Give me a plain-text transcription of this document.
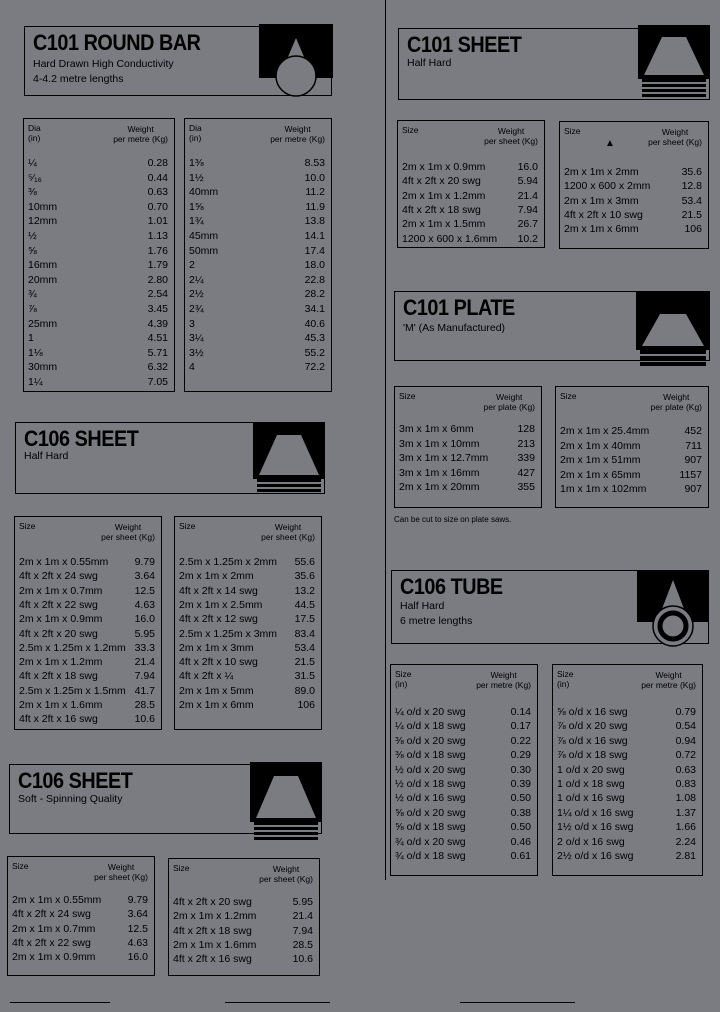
C101 ROUND BAR
Hard Drawn High Conductivity
4-4.2 metre lengths
Dia
(in)
Weight
per metre (Kg)
¼	0.28
⁵⁄₁₆	0.44
⅜	0.63
10mm	0.70
12mm	1.01
½	1.13
⅝	1.76
16mm	1.79
20mm	2.80
¾	2.54
⅞	3.45
25mm	4.39
1	4.51
1⅛	5.71
30mm	6.32
1¼	7.05
Dia
(in)
Weight
per metre (Kg)
1⅜	8.53
1½	10.0
40mm	11.2
1⅝	11.9
1¾	13.8
45mm	14.1
50mm	17.4
2	18.0
2¼	22.8
2½	28.2
2¾	34.1
3	40.6
3¼	45.3
3½	55.2
4	72.2
C106 SHEET
Half Hard
Size	Weight
per sheet (Kg)
2m x 1m x 0.55mm	9.79
4ft x 2ft x 24 swg	3.64
2m x 1m x 0.7mm	12.5
4ft x 2ft x 22 swg	4.63
2m x 1m x 0.9mm	16.0
4ft x 2ft x 20 swg	5.95
2.5m x 1.25m x 1.2mm 33.3
2m x 1m x 1.2mm	21.4
4ft x 2ft x 18 swg	7.94
2.5m x 1.25m x 1.5mm 41.7
2m x 1m x 1.6mm	28.5
4ft x 2ft x 16 swg	10.6
Size	Weight
per sheet (Kg)
2.5m x 1.25m x 2mm 55.6
2m x 1m x 2mm	35.6
4ft x 2ft x 14 swg	13.2
2m x 1m x 2.5mm	44.5
4ft x 2ft x 12 swg	17.5
2.5m x 1.25m x 3mm 83.4
2m x 1m x 3mm	53.4
4ft x 2ft x 10 swg	21.5
4ft x 2ft x ¼	31.5
2m x 1m x 5mm	89.0
2m x 1m x 6mm	106
C106 SHEET
Soft - Spinning Quality
Size	Weight
per sheet (Kg)
2m x 1m x 0.55mm	9.79
4ft x 2ft x 24 swg	3.64
2m x 1m x 0.7mm	12.5
4ft x 2ft x 22 swg	4.63
2m x 1m x 0.9mm	16.0
Size	Weight
per sheet (Kg)
4ft x 2ft x 20 swg	5.95
2m x 1m x 1.2mm	21.4
4ft x 2ft x 18 swg	7.94
2m x 1m x 1.6mm	28.5
4ft x 2ft x 16 swg	10.6
C101 SHEET
Half Hard
Size	Weight
per sheet (Kg)
2m x 1m x 0.9mm	16.0
4ft x 2ft x 20 swg	5.94
2m x 1m x 1.2mm	21.4
4ft x 2ft x 18 swg	7.94
2m x 1m x 1.5mm	26.7
1200 x 600 x 1.6mm 10.2
Size	Weight
per sheet (Kg)
2m x 1m x 2mm	35.6
1200 x 600 x 2mm	12.8
2m x 1m x 3mm	53.4
4ft x 2ft x 10 swg	21.5
2m x 1m x 6mm	106
▲
C101 PLATE
'M' (As Manufactured)
Size	Weight
per plate (Kg)
3m x 1m x 6mm	128
3m x 1m x 10mm	213
3m x 1m x 12.7mm	339
3m x 1m x 16mm	427
2m x 1m x 20mm	355
Size	Weight
per plate (Kg)
2m x 1m x 25.4mm	452
2m x 1m x 40mm	711
2m x 1m x 51mm	907
2m x 1m x 65mm	1157
1m x 1m x 102mm	907
Can be cut to size on plate saws.
C106 TUBE
Half Hard
6 metre lengths
Size
(in)
Weight
per metre (Kg)
¼ o/d x 20 swg	0.14
¼ o/d x 18 swg	0.17
⅜ o/d x 20 swg	0.22
⅜ o/d x 18 swg	0.29
½ o/d x 20 swg	0.30
½ o/d x 18 swg	0.39
½ o/d x 16 swg	0.50
⅝ o/d x 20 swg	0.38
⅝ o/d x 18 swg	0.50
¾ o/d x 20 swg	0.46
¾ o/d x 18 swg	0.61
Size
(in)
Weight
per metre (Kg)
⅝ o/d x 16 swg	0.79
⅞ o/d x 20 swg	0.54
⅞ o/d x 16 swg	0.94
⅞ o/d x 18 swg	0.72
1 o/d x 20 swg	0.63
1 o/d x 18 swg	0.83
1 o/d x 16 swg	1.08
1¼ o/d x 16 swg	1.37
1½ o/d x 16 swg	1.66
2 o/d x 16 swg	2.24
2½ o/d x 16 swg	2.81
